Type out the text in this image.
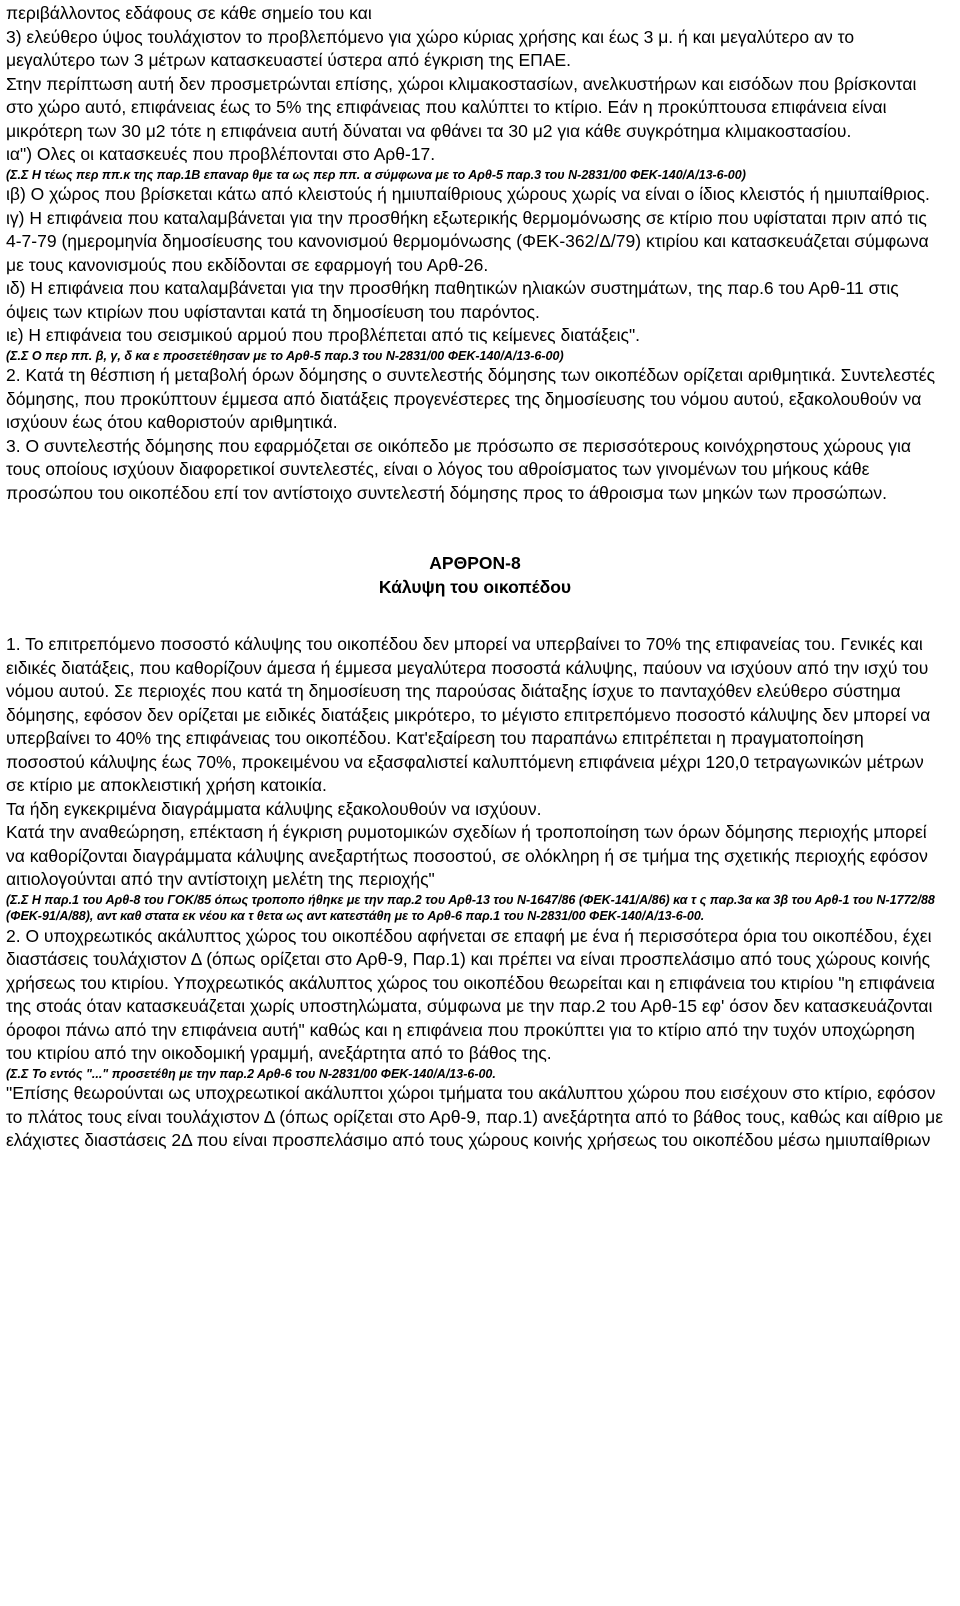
περιβάλλοντος εδάφους σε κάθε σημείο του και

3) ελεύθερο ύψος τουλάχιστον το προβλεπόμενο για χώρο κύριας χρήσης και έως 3 μ. ή και μεγαλύτερο αν το μεγαλύτερο των 3 μέτρων κατασκευαστεί ύστερα από έγκριση της ΕΠΑΕ.

Στην περίπτωση αυτή δεν προσμετρώνται επίσης, χώροι κλιμακοστασίων, ανελκυστήρων και εισόδων που βρίσκονται στο χώρο αυτό, επιφάνειας έως το 5% της επιφάνειας που καλύπτει το κτίριο. Εάν η προκύπτουσα επιφάνεια είναι μικρότερη των 30 μ2 τότε η επιφάνεια αυτή δύναται να φθάνει τα 30 μ2 για κάθε συγκρότημα κλιμακοστασίου.

ια") Ολες οι κατασκευές που προβλέπονται στο Αρθ-17.

(Σ.Σ Η τέως περ ππ.κ της παρ.1Β επαναρ θμε τα ως περ ππ. α σύμφωνα με το Αρθ-5 παρ.3 του Ν-2831/00 ΦΕΚ-140/Α/13-6-00)

ιβ) Ο χώρος που βρίσκεται κάτω από κλειστούς ή ημιυπαίθριους χώρους χωρίς να είναι ο ίδιος κλειστός ή ημιυπαίθριος.

ιγ) Η επιφάνεια που καταλαμβάνεται για την προσθήκη εξωτερικής θερμομόνωσης σε κτίριο που υφίσταται πριν από τις 4-7-79 (ημερομηνία δημοσίευσης του κανονισμού θερμομόνωσης (ΦΕΚ-362/Δ/79) κτιρίου και κατασκευάζεται σύμφωνα με τους κανονισμούς που εκδίδονται σε εφαρμογή του Αρθ-26.

ιδ) Η επιφάνεια που καταλαμβάνεται για την προσθήκη παθητικών ηλιακών συστημάτων, της παρ.6 του Αρθ-11 στις όψεις των κτιρίων που υφίστανται κατά τη δημοσίευση του παρόντος.

ιε) Η επιφάνεια του σεισμικού αρμού που προβλέπεται από τις κείμενες διατάξεις".

(Σ.Σ Ο περ ππ. β, γ, δ κα ε προσετέθησαν με το Αρθ-5 παρ.3 του Ν-2831/00 ΦΕΚ-140/Α/13-6-00)

2. Κατά τη θέσπιση ή μεταβολή όρων δόμησης ο συντελεστής δόμησης των οικοπέδων ορίζεται αριθμητικά. Συντελεστές δόμησης, που προκύπτουν έμμεσα από διατάξεις προγενέστερες της δημοσίευσης του νόμου αυτού, εξακολουθούν να ισχύουν έως ότου καθοριστούν αριθμητικά.

3. Ο συντελεστής δόμησης που εφαρμόζεται σε οικόπεδο με πρόσωπο σε περισσότερους κοινόχρηστους χώρους για τους οποίους ισχύουν διαφορετικοί συντελεστές, είναι ο λόγος του αθροίσματος των γινομένων του μήκους κάθε προσώπου του οικοπέδου επί τον αντίστοιχο συντελεστή δόμησης προς το άθροισμα των μηκών των προσώπων.

ΑΡΘΡΟΝ-8

Κάλυψη του οικοπέδου

1. Το επιτρεπόμενο ποσοστό κάλυψης του οικοπέδου δεν μπορεί να υπερβαίνει το 70% της επιφανείας του. Γενικές και ειδικές διατάξεις, που καθορίζουν άμεσα ή έμμεσα μεγαλύτερα ποσοστά κάλυψης, παύουν να ισχύουν από την ισχύ του νόμου αυτού. Σε περιοχές που κατά τη δημοσίευση της παρούσας διάταξης ίσχυε το πανταχόθεν ελεύθερο σύστημα δόμησης, εφόσον δεν ορίζεται με ειδικές διατάξεις μικρότερο, το μέγιστο επιτρεπόμενο ποσοστό κάλυψης δεν μπορεί να υπερβαίνει το 40% της επιφάνειας του οικοπέδου. Κατ'εξαίρεση του παραπάνω επιτρέπεται η πραγματοποίηση ποσοστού κάλυψης έως 70%, προκειμένου να εξασφαλιστεί καλυπτόμενη επιφάνεια μέχρι 120,0 τετραγωνικών μέτρων σε κτίριο με αποκλειστική χρήση κατοικία.

Τα ήδη εγκεκριμένα διαγράμματα κάλυψης εξακολουθούν να ισχύουν.

Κατά την αναθεώρηση, επέκταση ή έγκριση ρυμοτομικών σχεδίων ή τροποποίηση των όρων δόμησης περιοχής μπορεί να καθορίζονται διαγράμματα κάλυψης ανεξαρτήτως ποσοστού, σε ολόκληρη ή σε τμήμα της σχετικής περιοχής εφόσον αιτιολογούνται από την αντίστοιχη μελέτη της περιοχής"

(Σ.Σ Η παρ.1 του Αρθ-8 του ΓΟΚ/85 όπως τροποπο ήθηκε με την παρ.2 του Αρθ-13 του Ν-1647/86 (ΦΕΚ-141/Α/86) κα τ ς παρ.3α κα 3β του Αρθ-1 του Ν-1772/88 (ΦΕΚ-91/Α/88), αντ καθ στατα εκ νέου κα τ θετα ως αντ κατεστάθη με το Αρθ-6 παρ.1 του Ν-2831/00 ΦΕΚ-140/Α/13-6-00.

2. Ο υποχρεωτικός ακάλυπτος χώρος του οικοπέδου αφήνεται σε επαφή με ένα ή περισσότερα όρια του οικοπέδου, έχει διαστάσεις τουλάχιστον Δ (όπως ορίζεται στο Αρθ-9, Παρ.1) και πρέπει να είναι προσπελάσιμο από τους χώρους κοινής χρήσεως του κτιρίου. Υποχρεωτικός ακάλυπτος χώρος του οικοπέδου θεωρείται και η επιφάνεια του κτιρίου "η επιφάνεια της στοάς όταν κατασκευάζεται χωρίς υποστηλώματα, σύμφωνα με την παρ.2 του Αρθ-15 εφ' όσον δεν κατασκευάζονται όροφοι πάνω από την επιφάνεια αυτή" καθώς και η επιφάνεια που προκύπτει για το κτίριο από την τυχόν υποχώρηση του κτιρίου από την οικοδομική γραμμή, ανεξάρτητα από το βάθος της.

(Σ.Σ Το εντός "..." προσετέθη με την παρ.2 Αρθ-6 του Ν-2831/00 ΦΕΚ-140/Α/13-6-00.

"Επίσης θεωρούνται ως υποχρεωτικοί ακάλυπτοι χώροι τμήματα του ακάλυπτου χώρου που εισέχουν στο κτίριο, εφόσον το πλάτος τους είναι τουλάχιστον Δ (όπως ορίζεται στο Αρθ-9, παρ.1) ανεξάρτητα από το βάθος τους, καθώς και αίθριο με ελάχιστες διαστάσεις 2Δ που είναι προσπελάσιμο από τους χώρους κοινής χρήσεως του οικοπέδου μέσω ημιυπαίθριων
